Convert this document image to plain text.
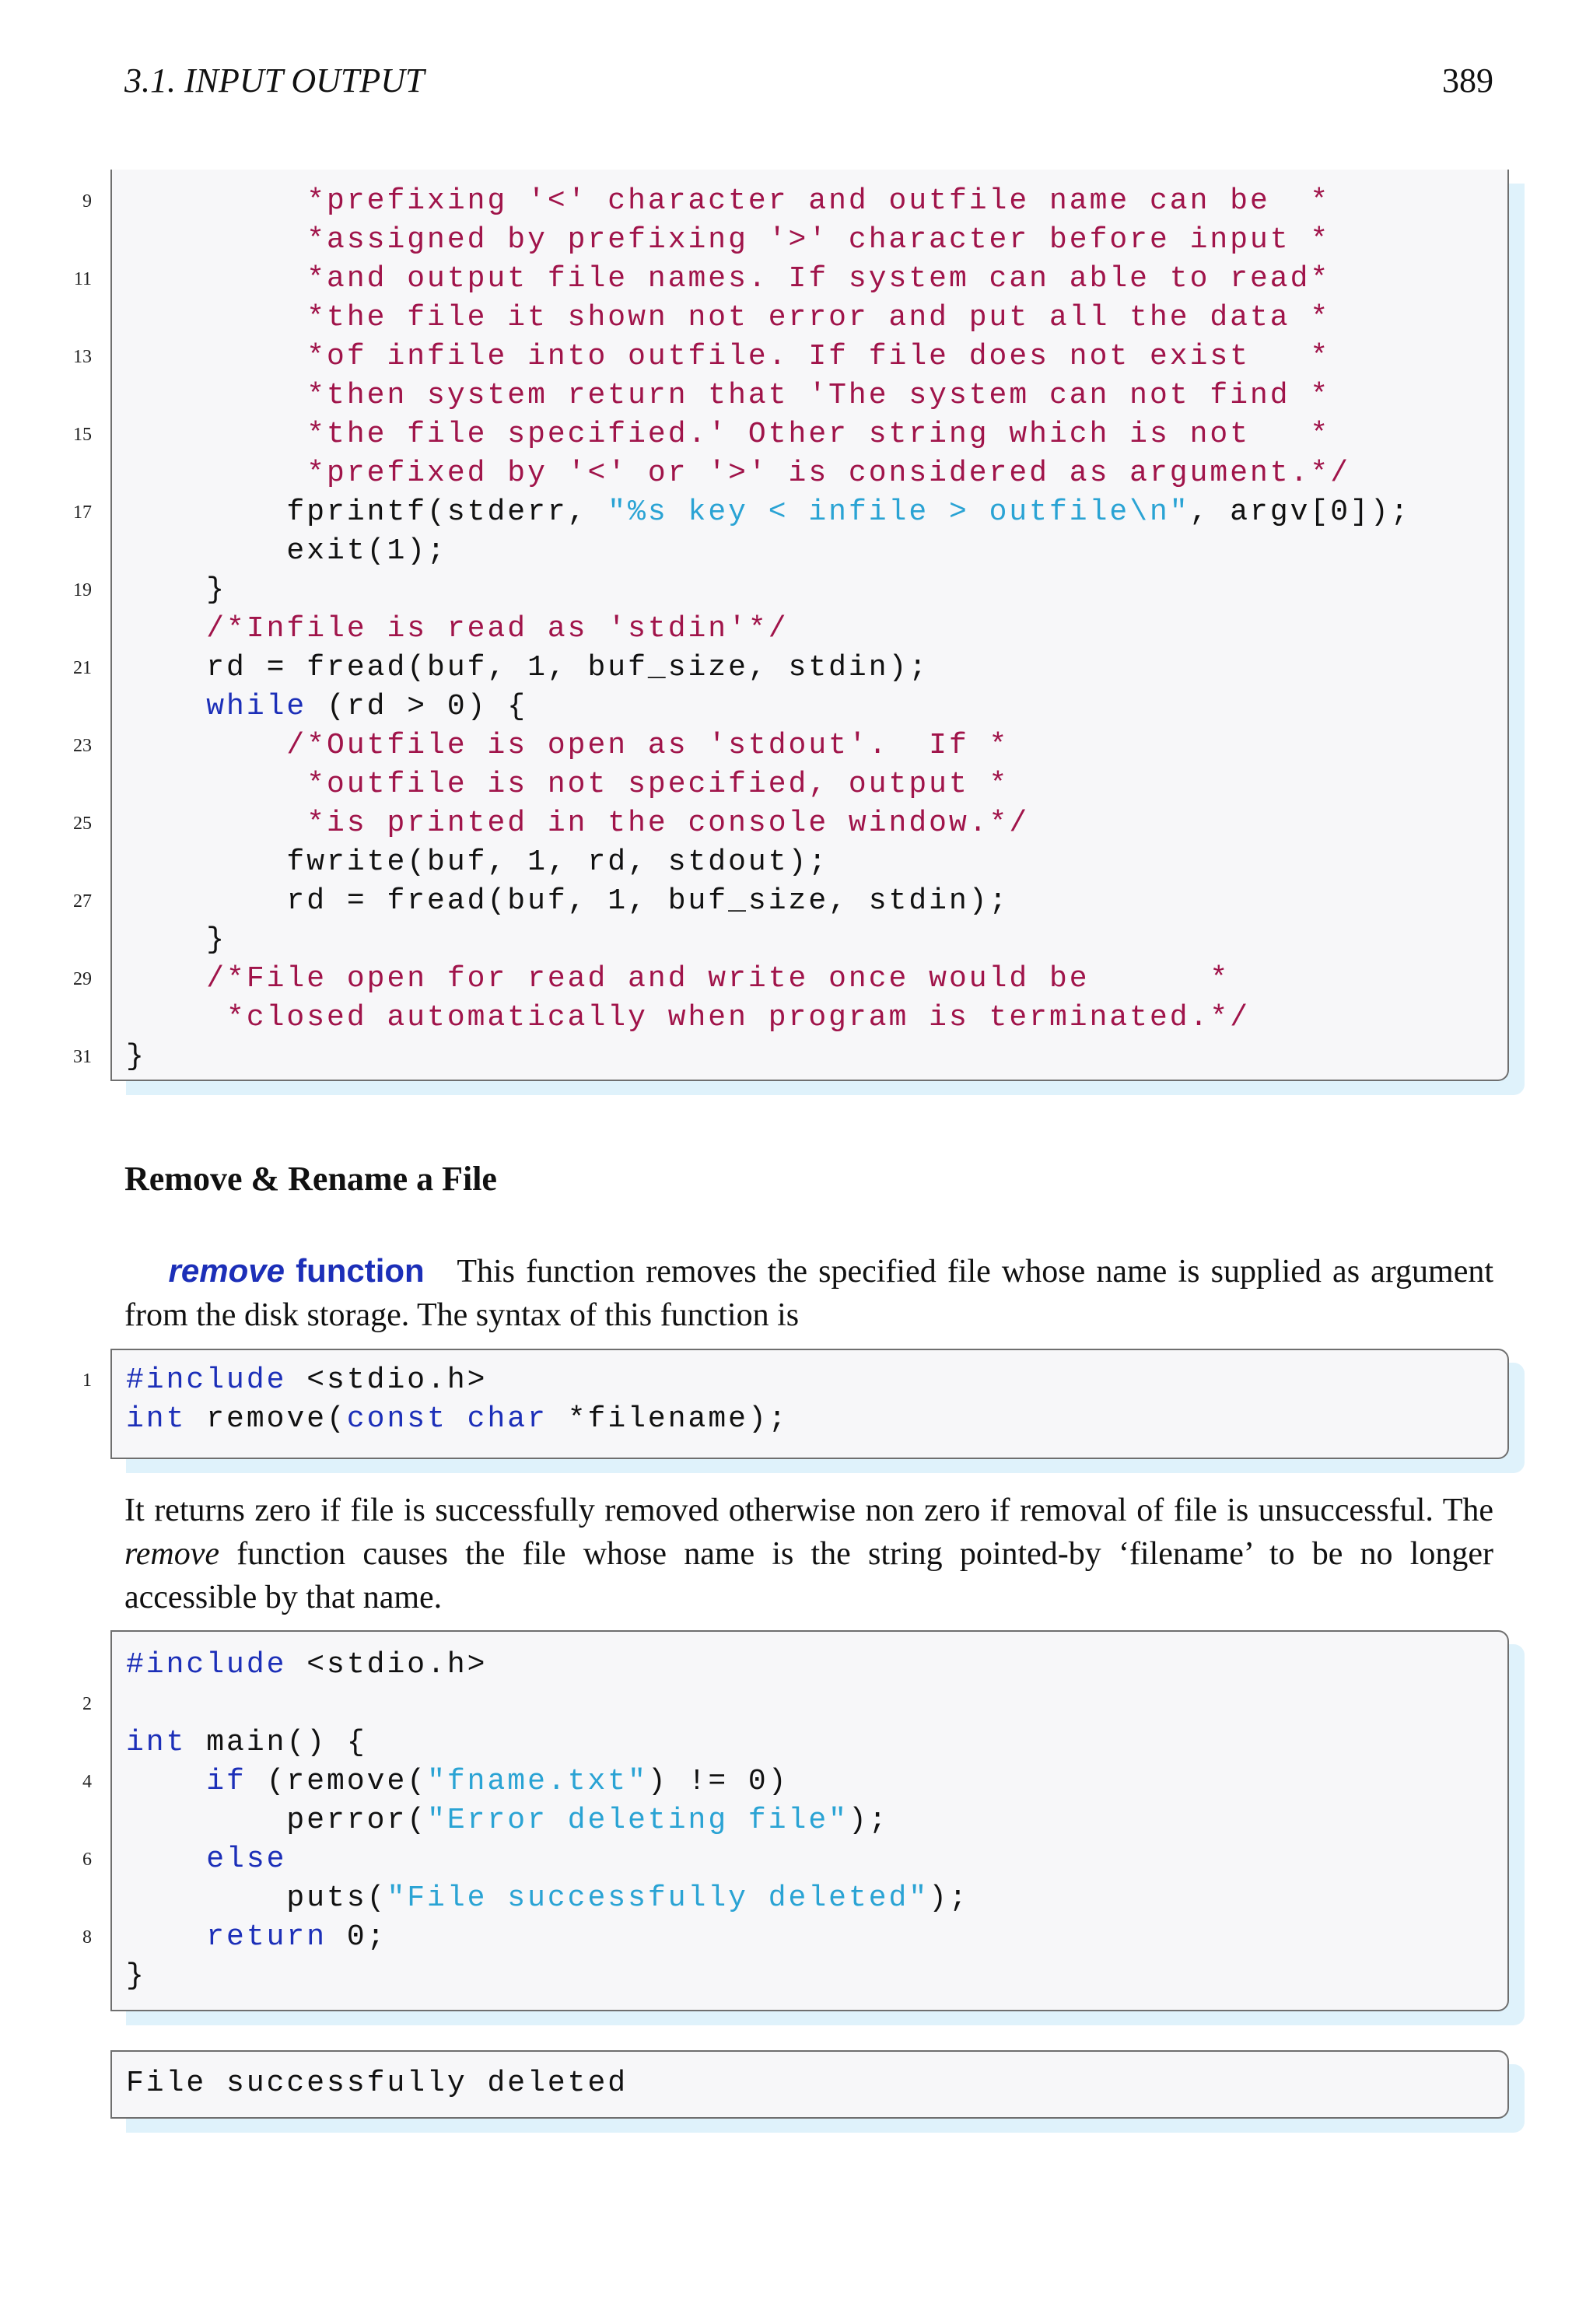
3.1. INPUT OUTPUT	389
9 *prefixing '<' character and outfile name can be  *
*assigned by prefixing '>' character before input *
11 *and output file names. If system can able to read*
*the file it shown not error and put all the data *
13 *of infile into outfile. If file does not exist   *
*then system return that 'The system can not find *
15 *the file specified.' Other string which is not   *
*prefixed by '<' or '>' is considered as argument.*/
17 fprintf(stderr, "%s key < infile > outfile\n", argv[0]);
exit(1);
19 }
/*Infile is read as 'stdin'*/
21 rd = fread(buf, 1, buf_size, stdin);
while (rd > 0) {
23 /*Outfile is open as 'stdout'.  If *
*outfile is not specified, output *
25 *is printed in the console window.*/
fwrite(buf, 1, rd, stdout);
27 rd = fread(buf, 1, buf_size, stdin);
}
29 /*File open for read and write once would be      *
*closed automatically when program is terminated.*/
31 }
Remove & Rename a File
remove function This function removes the specified file whose name is supplied as argument from the disk storage. The syntax of this function is
1 #include <stdio.h>
int remove(const char *filename);
It returns zero if file is successfully removed otherwise non zero if removal of file is unsuccessful. The remove function causes the file whose name is the string pointed-by ‘filename’ to be no longer accessible by that name.
#include <stdio.h>
2
int main() {
4 if (remove("fname.txt") != 0)
perror("Error deleting file");
6 else
puts("File successfully deleted");
8 return 0;
}
File successfully deleted
